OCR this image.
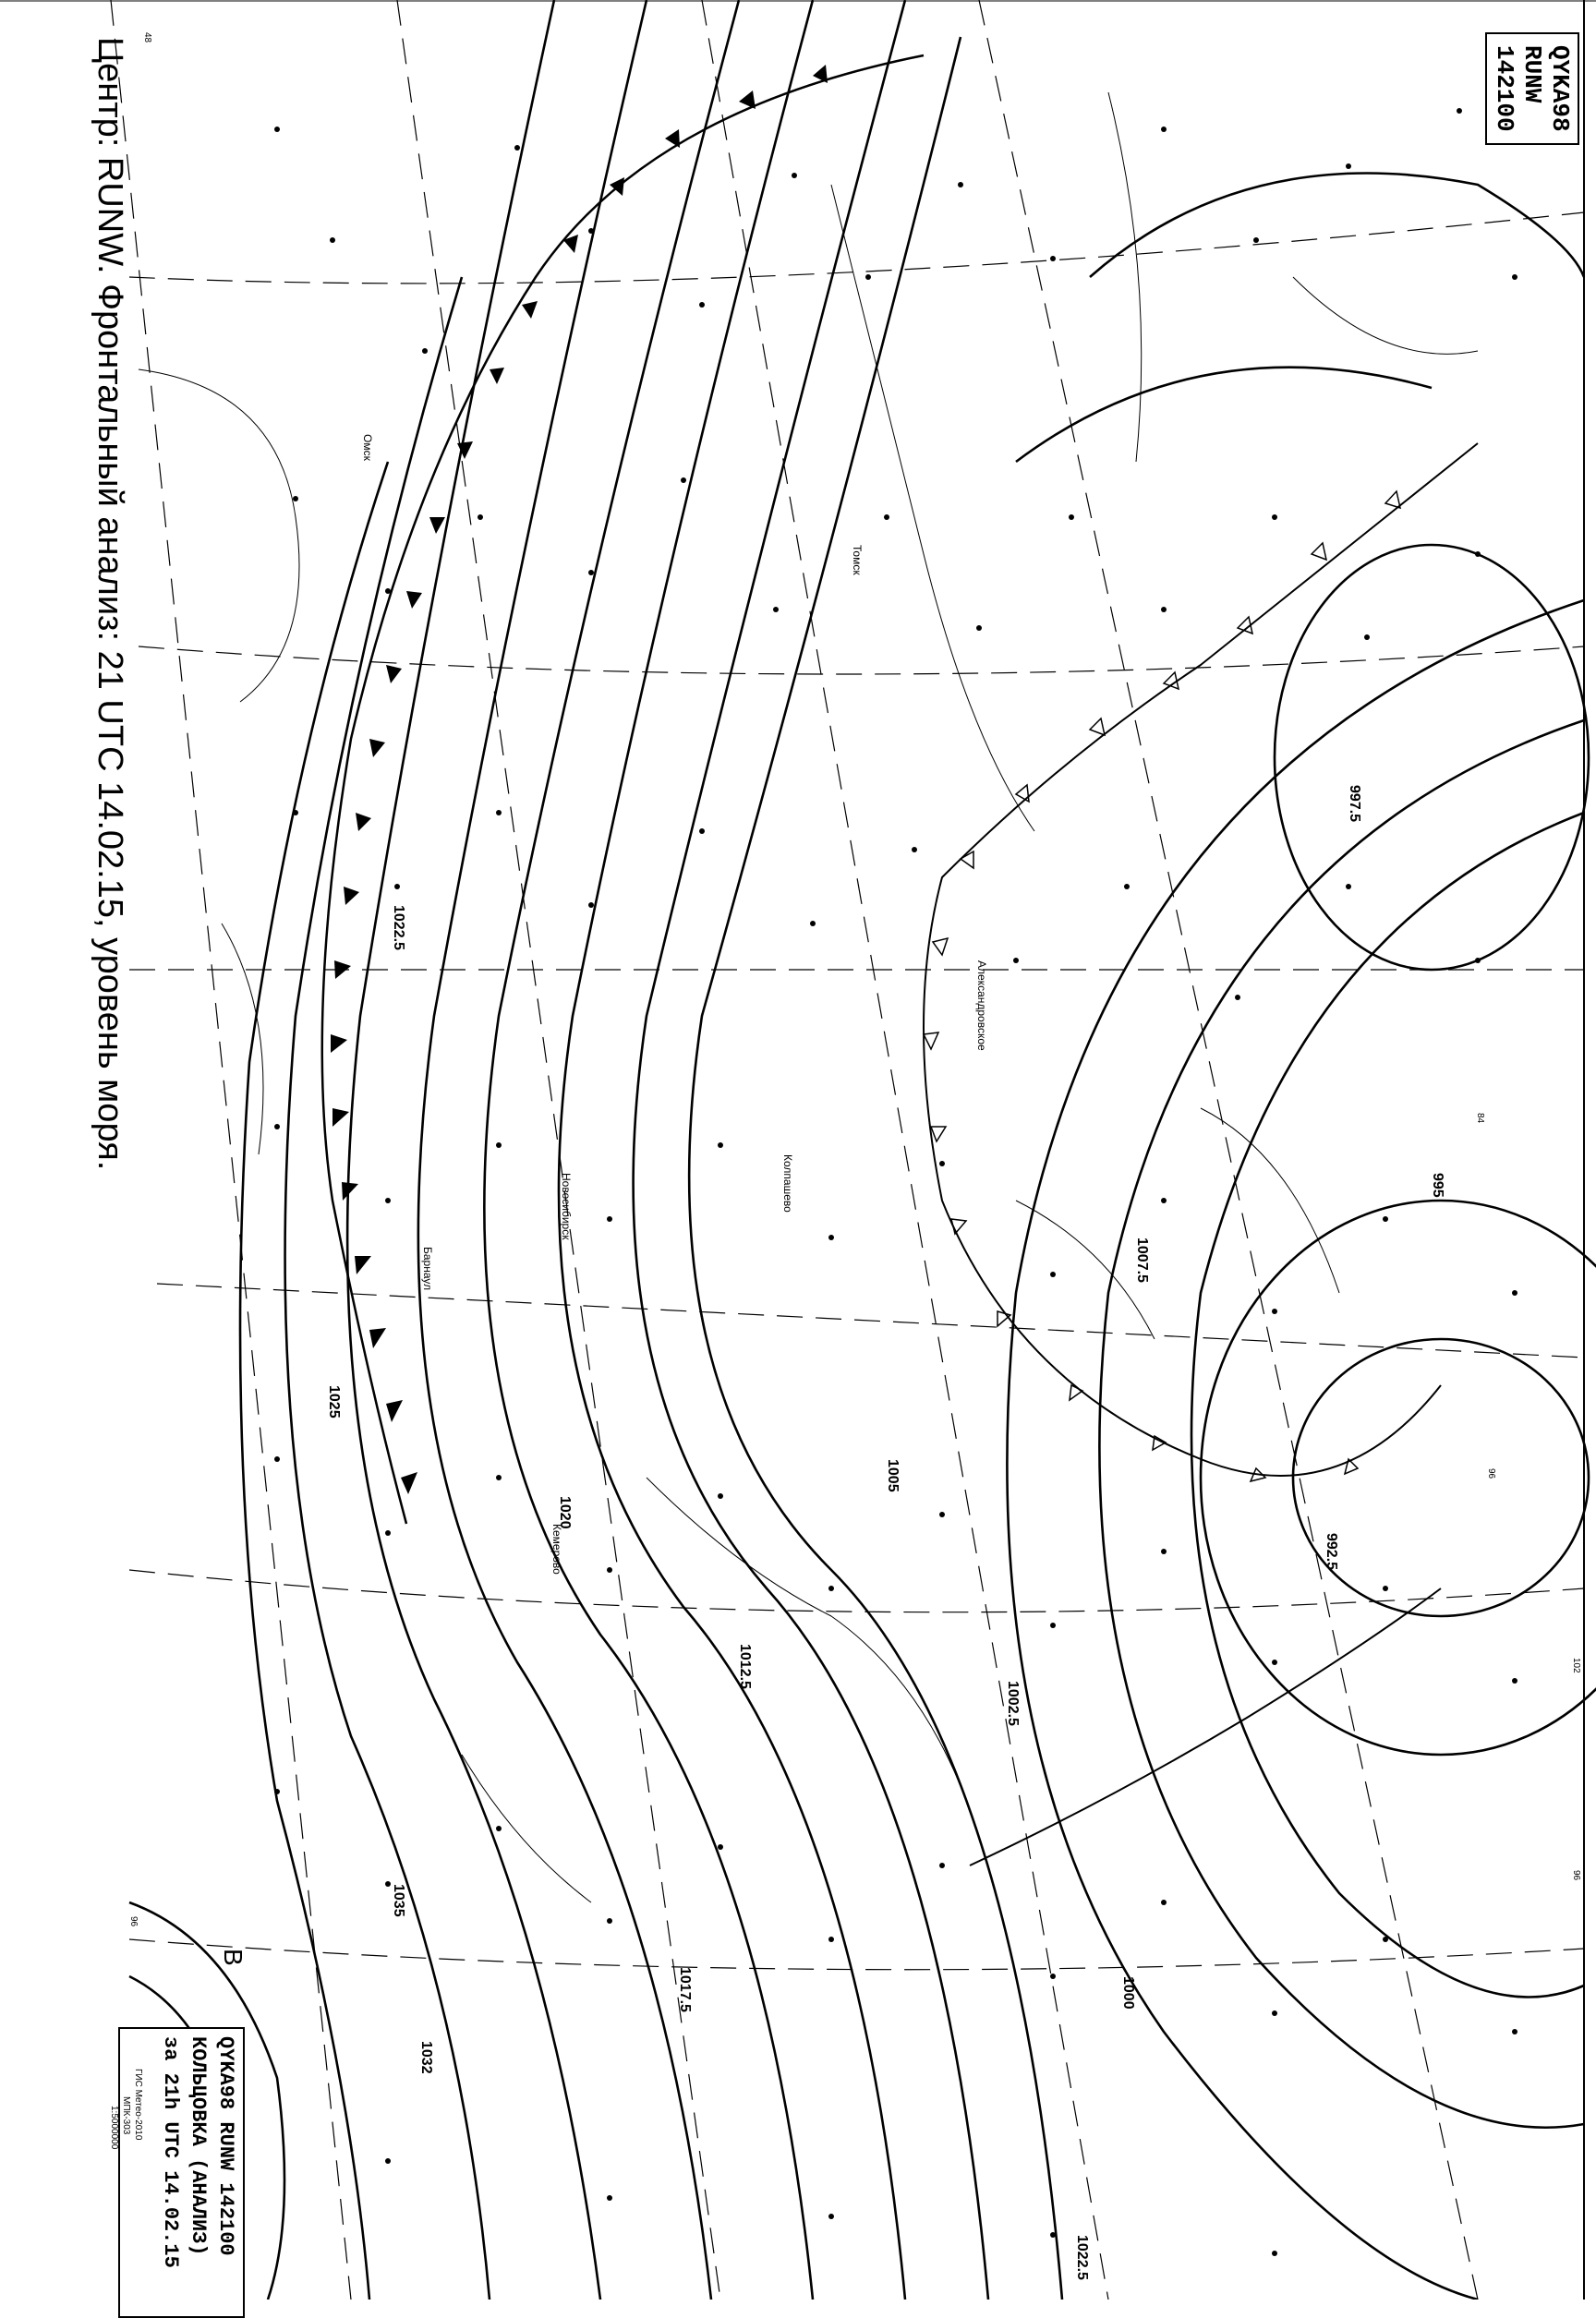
Центр: RUNW. Фронтальный анализ: 21 UTC 14.02.15, уровень моря.	QYKA98 RUNW 142100
QYKA98 RUNW 142100
КОЛЬЦОВКА (АНАЛИЗ)
за 21h UTC 14.02.15
ГИС Метео-2010
МПК-303
1:5000000
995
992.5
997.5
1002.5
1005
1007.5
1012.5
1017.5
1020
1022.5
1025
1032
1035
1000
1022.5
B
Александровское
Колпашево
Новосибирск
Барнаул
Томск
Кемерово
Омск
48
84
96
102
96
96
